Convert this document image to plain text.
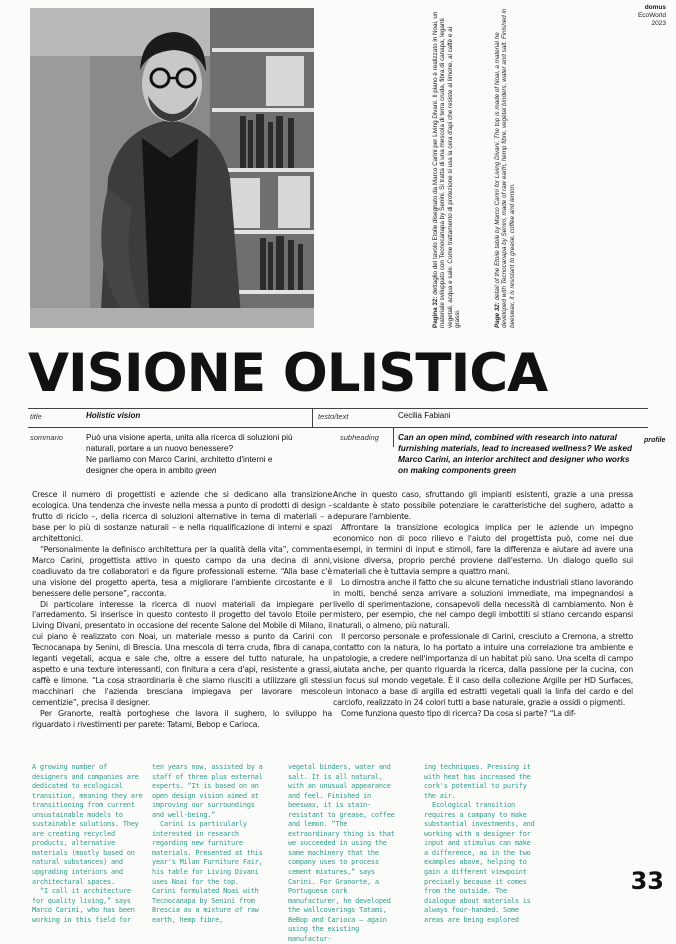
domus
EcoWorld
2023
Pagina 32: dettaglio del tavolo Etoile disegnato da Marco Carini per Living Divani. Il piano è realizzato in Noai, un materiale sviluppato con Tecnocanapa by Senini. Si tratta di una mescola di terra cruda, fibra di canapa, leganti vegetali, acqua e sale. Come trattamento di protezione si usa la cera d'api che resiste al limone, al caffè e ai grassi.	Page 32: detail of the Etoile table by Marco Carini for Living Divani. The top is made of Noai, a material he developed with Tecnocanapa by Senini, made of raw earth, hemp fibre, vegetal binders, water and salt. Finished in beeswax, it is resistant to grease, coffee and lemon.
VISIONE OLISTICA
title	Holistic vision	testo/text	Cecilia Fabiani
sommario	Può una visione aperta, unita alla ricerca di soluzioni più naturali, portare a un nuovo benessere?
Ne parliamo con Marco Carini, architetto d'interni e designer che opera in ambito green
subheading Can an open mind, combined with research into natural furnishing materials, lead to increased wellness? We asked Marco Carini, an interior architect and designer who works on making components green
profile

Cresce il numero di progettisti e aziende che si dedicano alla transizione ecologica. Una tendenza che investe nella messa a punto di prodotti di design – frutto di riciclo –, della ricerca di soluzioni alternative in tema di materiali – a base per lo più di sostanze naturali – e nella riqualificazione di interni e spazi architettonici.

“Personalmente la definisco architettura per la qualità della vita”, commenta Marco Carini, progettista attivo in questo campo da una decina di anni, coadiuvato da tre collaboratori e da figure professionali esterne. “Alla base c'è una visione del progetto aperta, tesa a migliorare l'ambiente circostante e il benessere delle persone”, racconta.

Di particolare interesse la ricerca di nuovi materiali da impiegare per l'arredamento. Si inserisce in questo contesto il progetto del tavolo Etoile per Living Divani, presentato in occasione del recente Salone del Mobile di Milano, il cui piano è realizzato con Noai, un materiale messo a punto da Carini con Tecnocanapa by Senini, di Brescia. Una mescola di terra cruda, fibra di canapa, leganti vegetali, acqua e sale che, oltre a essere del tutto naturale, ha un aspetto e una texture interessanti, con finitura a cera d'api, resistente a grassi, caffè e limone. “La cosa straordinaria è che siamo riusciti a utilizzare gli stessi macchinari che l'azienda bresciana impiegava per lavorare mescole cementizie”, precisa il designer.

Per Granorte, realtà portoghese che lavora il sughero, lo sviluppo ha riguardato i rivestimenti per parete: Tatami, Bebop e Carioca.

Anche in questo caso, sfruttando gli impianti esistenti, grazie a una pressa scaldante è stato possibile potenziare le caratteristiche del sughero, adatto a depurare l'ambiente.

Affrontare la transizione ecologica implica per le aziende un impegno economico non di poco rilievo e l'aiuto del progettista può, come nei due esempi, in termini di input e stimoli, fare la differenza e aiutare ad avere una visione diversa, proprio perché proviene dall'esterno. Un dialogo quello sui materiali che è tuttavia sempre a quattro mani.

Lo dimostra anche il fatto che su alcune tematiche industriali stiano lavorando in molti, benché senza arrivare a soluzioni immediate, ma impegnandosi a livello di sperimentazione, consapevoli della necessità di cambiamento. Non è mistero, per esempio, che nel campo degli imbottiti si stiano cercando espansi naturali, o almeno, più naturali.

Il percorso personale e professionale di Carini, cresciuto a Cremona, a stretto contatto con la natura, lo ha portato a intuire una correlazione tra ambiente e patologie, a credere nell'importanza di un habitat più sano. Una scelta di campo aiutata anche, per quanto riguarda la ricerca, dalla passione per la cucina, con un focus sul mondo vegetale. È il caso della collezione Argille per HD Surfaces, un intonaco a base di argilla ed estratti vegetali quali la linfa del cardo e del carciofo, realizzato in 24 colori tutti a base naturale, grazie a ossidi o pigmenti.

Come funziona questo tipo di ricerca? Da cosa si parte? “La dif-

A growing number of designers and companies are dedicated to ecological transition, meaning they are transitioning from current unsustainable models to sustainable solutions. They are creating recycled products, alternative materials (mostly based on natural substances) and upgrading interiors and architectural spaces.

“I call it architecture for quality living,” says Marco Carini, who has been working in this field for

ten years now, assisted by a staff of three plus external experts. “It is based on an open design vision aimed at improving our surroundings and well-being.”

Carini is particularly interested in research regarding new furniture materials. Presented at this year's Milan Furniture Fair, his table for Living Divani uses Noai for the top. Carini formulated Noai with Tecnocanapa by Senini from Brescia as a mixture of raw earth, hemp fibre,

vegetal binders, water and salt. It is all natural, with an unusual appearance and feel. Finished in beeswax, it is stain-resistant to grease, coffee and lemon. “The extraordinary thing is that we succeeded in using the same machinery that the company uses to process cement mixtures,” says Carini. For Granorte, a Portuguese cork manufacturer, he developed the wallcoverings Tatami, BeBop and Carioca – again using the existing manufactur-

ing techniques. Pressing it with heat has increased the cork's potential to purify the air.

Ecological transition requires a company to make substantial investments, and working with a designer for input and stimulus can make a difference, as in the two examples above, helping to gain a different viewpoint precisely because it comes from the outside. The dialogue about materials is always four-handed. Some areas are being explored

33
